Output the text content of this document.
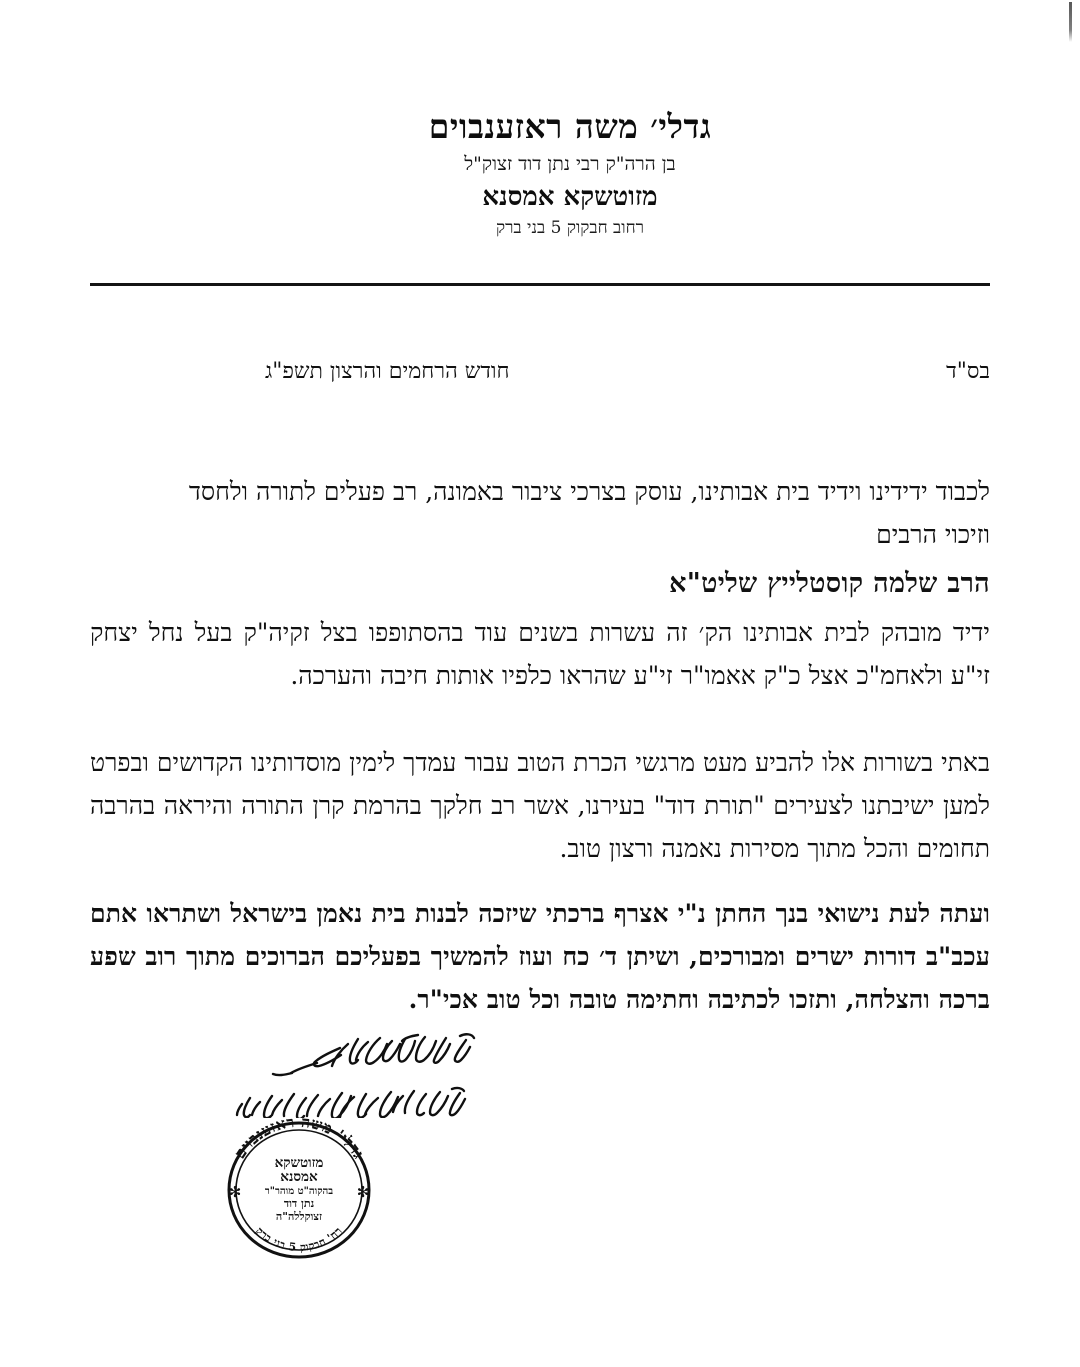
גדלי׳ משה ראזענבוים
בן הרה"ק רבי נתן דוד זצוק"ל
מזוטשקא אמסנא
רחוב חבקוק 5 בני ברק
בס"ד
חודש הרחמים והרצון תשפ"ג

לכבוד ידידינו וידיד בית אבותינו, עוסק בצרכי ציבור באמונה, רב פעלים לתורה ולחסד

וזיכוי הרבים

הרב שלמה קוסטלייץ שליט"א

ידיד מובהק לבית אבותינו הק׳ זה עשרות בשנים עוד בהסתופפו בצל זקיה"ק בעל נחל יצחק זי"ע ולאחמ"כ אצל כ"ק אאמו"ר זי"ע שהראו כלפיו אותות חיבה והערכה.

באתי בשורות אלו להביע מעט מרגשי הכרת הטוב עבור עמדך לימין מוסדותינו הקדושים ובפרט למען ישיבתנו לצעירים "תורת דוד" בעירנו, אשר רב חלקך בהרמת קרן התורה והיראה בהרבה תחומים והכל מתוך מסירות נאמנה ורצון טוב.

ועתה לעת נישואי בנך החתן נ"י אצרף ברכתי שיזכה לבנות בית נאמן בישראל ושתראו אתם עכב"ב דורות ישרים ומבורכים, ושיתן ד׳ כח ועוז להמשיך בפעליכם הברוכים מתוך רוב שפע ברכה והצלחה, ותזכו לכתיבה וחתימה טובה וכל טוב אכי"ר.

גדלי' משה ראזענבוים
רח' חבקוק 5 בני ברק
✻	✻
מזוטשקא
אמסנא
בהקוה"ט מוהר"ר
נתן דוד
זצוקללה"ה
